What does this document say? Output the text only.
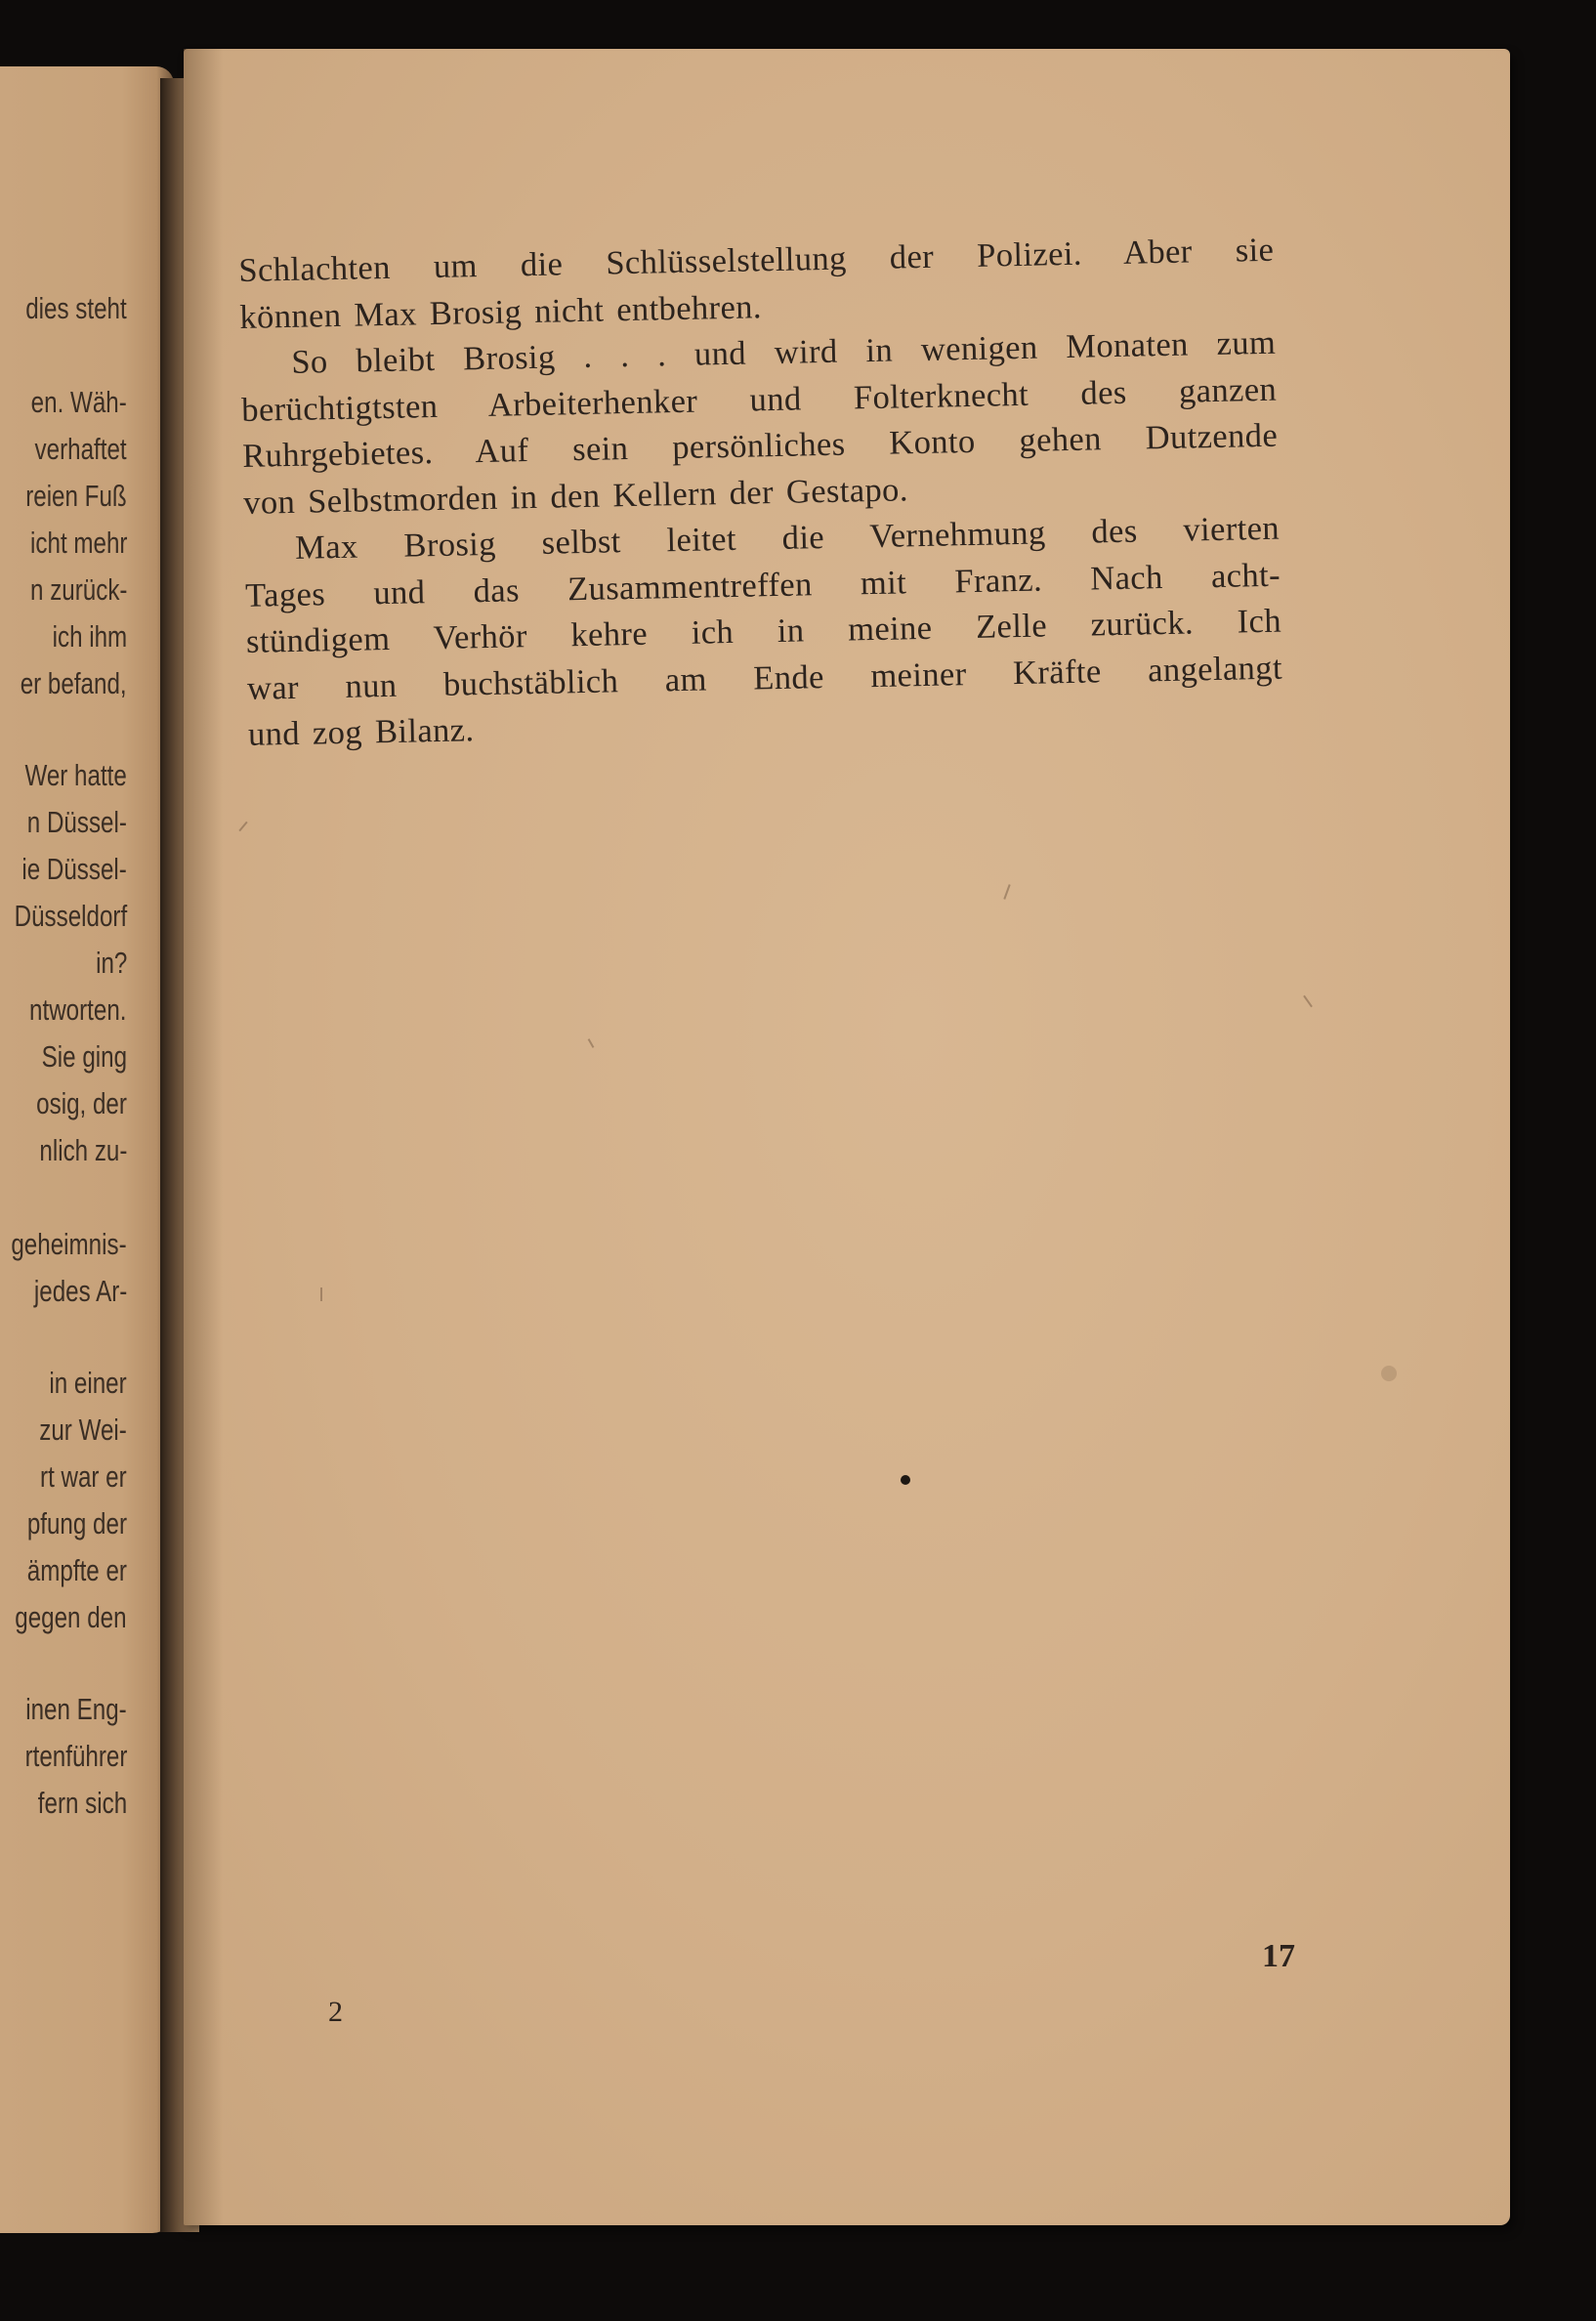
dies steht

en. Wäh-

verhaftet

reien Fuß

icht mehr

n zurück-

ich ihm

er befand,

Wer hatte

n Düssel-

ie Düssel-

Düsseldorf

in?

ntworten.

Sie ging

osig, der

nlich zu-

geheimnis-

jedes Ar-

in einer

zur Wei-

rt war er

pfung der

ämpfte er

gegen den

inen Eng-

rtenführer

fern sich

Schlachten um die Schlüsselstellung der Polizei. Aber sie

können Max Brosig nicht entbehren.

So bleibt Brosig . . . und wird in wenigen Monaten zum

berüchtigtsten Arbeiterhenker und Folterknecht des ganzen

Ruhrgebietes. Auf sein persönliches Konto gehen Dutzende

von Selbstmorden in den Kellern der Gestapo.

Max Brosig selbst leitet die Vernehmung des vierten

Tages und das Zusammentreffen mit Franz. Nach acht-

stündigem Verhör kehre ich in meine Zelle zurück. Ich

war nun buchstäblich am Ende meiner Kräfte angelangt

und zog Bilanz.

17

2
